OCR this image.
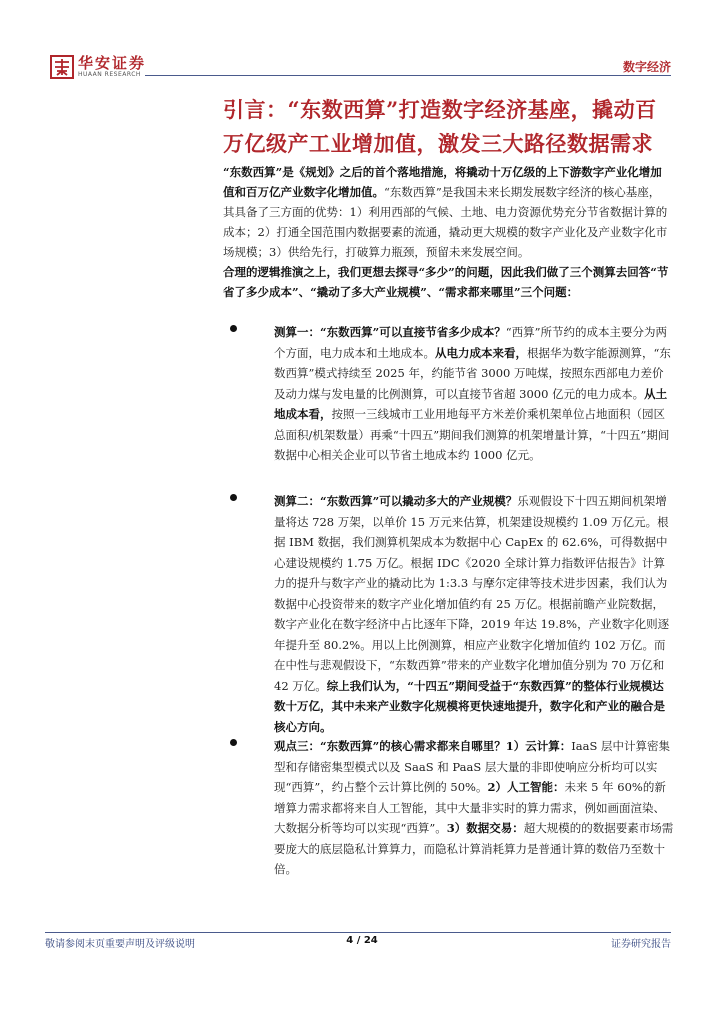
华安证券
HUAAN RESEARCH
数字经济
引言：“东数西算”打造数字经济基座，撬动百万亿级产工业增加值，激发三大路径数据需求
“东数西算”是《规划》之后的首个落地措施，将撬动十万亿级的上下游数字产业化增加值和百万亿产业数字化增加值。“东数西算”是我国未来长期发展数字经济的核心基座，其具备了三方面的优势：1）利用西部的气候、土地、电力资源优势充分节省数据计算的成本；2）打通全国范围内数据要素的流通，撬动更大规模的数字产业化及产业数字化市场规模；3）供给先行，打破算力瓶颈，预留未来发展空间。
合理的逻辑推演之上，我们更想去探寻“多少”的问题，因此我们做了三个测算去回答“节省了多少成本”、“撬动了多大产业规模”、“需求都来哪里”三个问题：
测算一：“东数西算”可以直接节省多少成本？“西算”所节约的成本主要分为两个方面，电力成本和土地成本。从电力成本来看，根据华为数字能源测算，“东数西算”模式持续至 2025 年，约能节省 3000 万吨煤，按照东西部电力差价及动力煤与发电量的比例测算，可以直接节省超 3000 亿元的电力成本。从土地成本看，按照一三线城市工业用地每平方米差价乘机架单位占地面积（园区总面积/机架数量）再乘“十四五”期间我们测算的机架增量计算，“十四五”期间数据中心相关企业可以节省土地成本约 1000 亿元。
测算二：“东数西算”可以撬动多大的产业规模？乐观假设下十四五期间机架增量将达 728 万架，以单价 15 万元来估算，机架建设规模约 1.09 万亿元。根据 IBM 数据，我们测算机架成本为数据中心 CapEx 的 62.6%，可得数据中心建设规模约 1.75 万亿。根据 IDC《2020 全球计算力指数评估报告》计算力的提升与数字产业的撬动比为 1:3.3 与摩尔定律等技术进步因素，我们认为数据中心投资带来的数字产业化增加值约有 25 万亿。根据前瞻产业院数据，数字产业化在数字经济中占比逐年下降，2019 年达 19.8%，产业数字化则逐年提升至 80.2%。用以上比例测算，相应产业数字化增加值约 102 万亿。而在中性与悲观假设下，“东数西算”带来的产业数字化增加值分别为 70 万亿和 42 万亿。综上我们认为，“十四五”期间受益于“东数西算”的整体行业规模达数十万亿，其中未来产业数字化规模将更快速地提升，数字化和产业的融合是核心方向。
观点三：“东数西算”的核心需求都来自哪里？1）云计算：IaaS 层中计算密集型和存储密集型模式以及 SaaS 和 PaaS 层大量的非即使响应分析均可以实现“西算”，约占整个云计算比例的 50%。2）人工智能：未来 5 年 60%的新增算力需求都将来自人工智能，其中大量非实时的算力需求，例如画面渲染、大数据分析等均可以实现“西算”。3）数据交易：超大规模的的数据要素市场需要庞大的底层隐私计算算力，而隐私计算消耗算力是普通计算的数倍乃至数十倍。
敬请参阅末页重要声明及评级说明	4 / 24	证券研究报告
